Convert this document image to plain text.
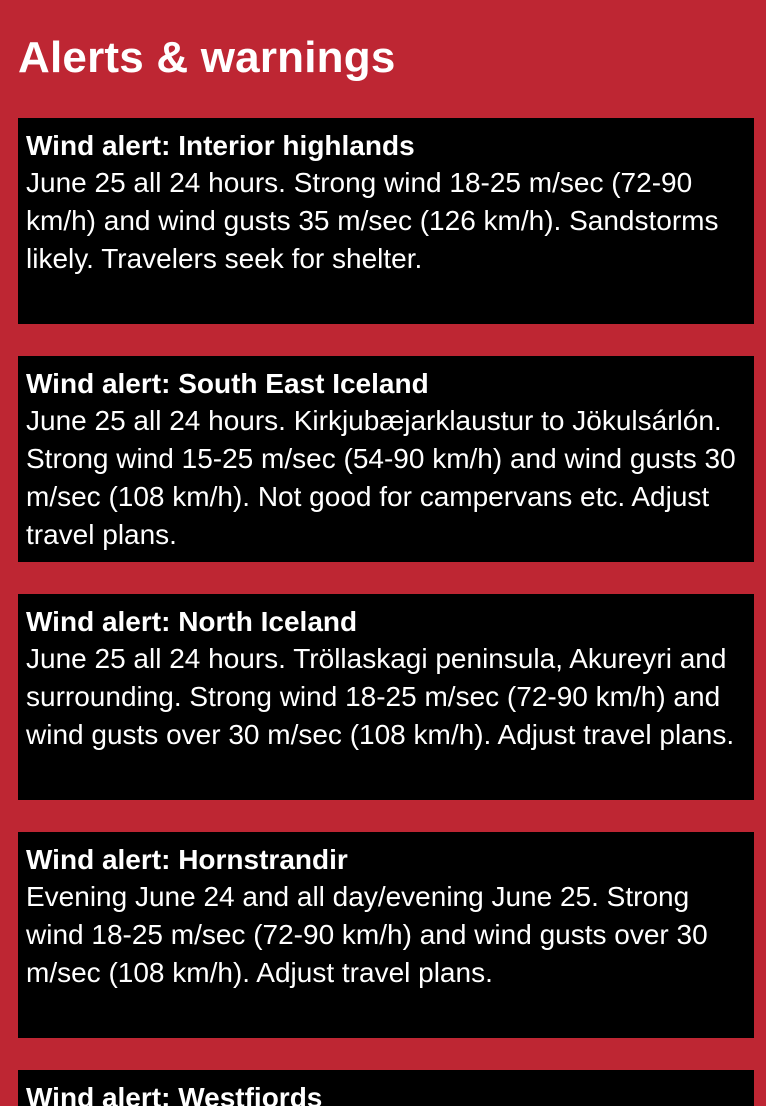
Alerts & warnings
Wind alert: Interior highlands
June 25 all 24 hours. Strong wind 18-25 m/sec (72-90 km/h) and wind gusts 35 m/sec (126 km/h). Sandstorms likely. Travelers seek for shelter.
Wind alert: South East Iceland
June 25 all 24 hours. Kirkjubæjarklaustur to Jökulsárlón. Strong wind 15-25 m/sec (54-90 km/h) and wind gusts 30 m/sec (108 km/h). Not good for campervans etc. Adjust travel plans.
Wind alert: North Iceland
June 25 all 24 hours. Tröllaskagi peninsula, Akureyri and surrounding. Strong wind 18-25 m/sec (72-90 km/h) and wind gusts over 30 m/sec (108 km/h). Adjust travel plans.
Wind alert: Hornstrandir
Evening June 24 and all day/evening June 25. Strong wind 18-25 m/sec (72-90 km/h) and wind gusts over 30 m/sec (108 km/h). Adjust travel plans.
Wind alert: Westfiords
